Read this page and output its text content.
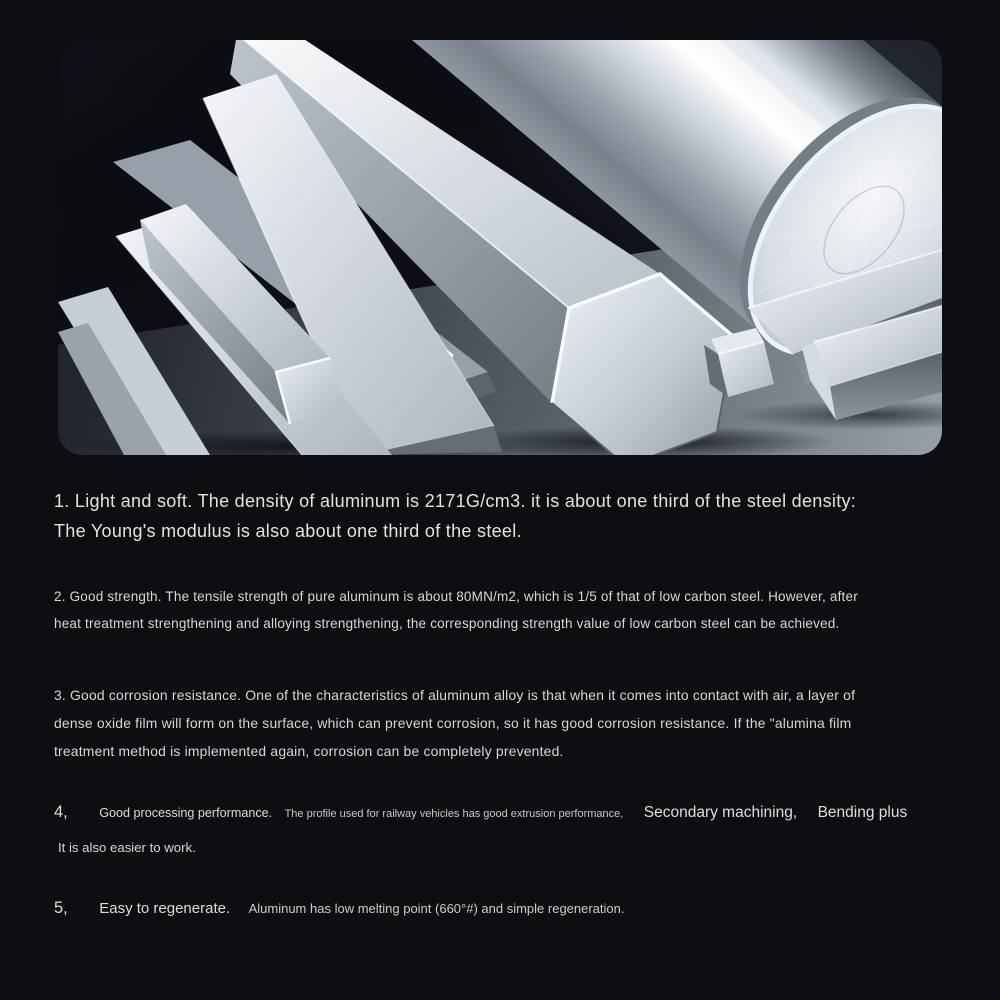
1. Light and soft. The density of aluminum is 2171G/cm3. it is about one third of the steel density:
The Young's modulus is also about one third of the steel.
2. Good strength. The tensile strength of pure aluminum is about 80MN/m2, which is 1/5 of that of low carbon steel. However, after
heat treatment strengthening and alloying strengthening, the corresponding strength value of low carbon steel can be achieved.
3. Good corrosion resistance. One of the characteristics of aluminum alloy is that when it comes into contact with air, a layer of
dense oxide film will form on the surface, which can prevent corrosion, so it has good corrosion resistance. If the "alumina film
treatment method is implemented again, corrosion can be completely prevented.
4, Good processing performance. The profile used for railway vehicles has good extrusion performance, Secondary machining, Bending plus
It is also easier to work.
5, Easy to regenerate. Aluminum has low melting point (660°#) and simple regeneration.
